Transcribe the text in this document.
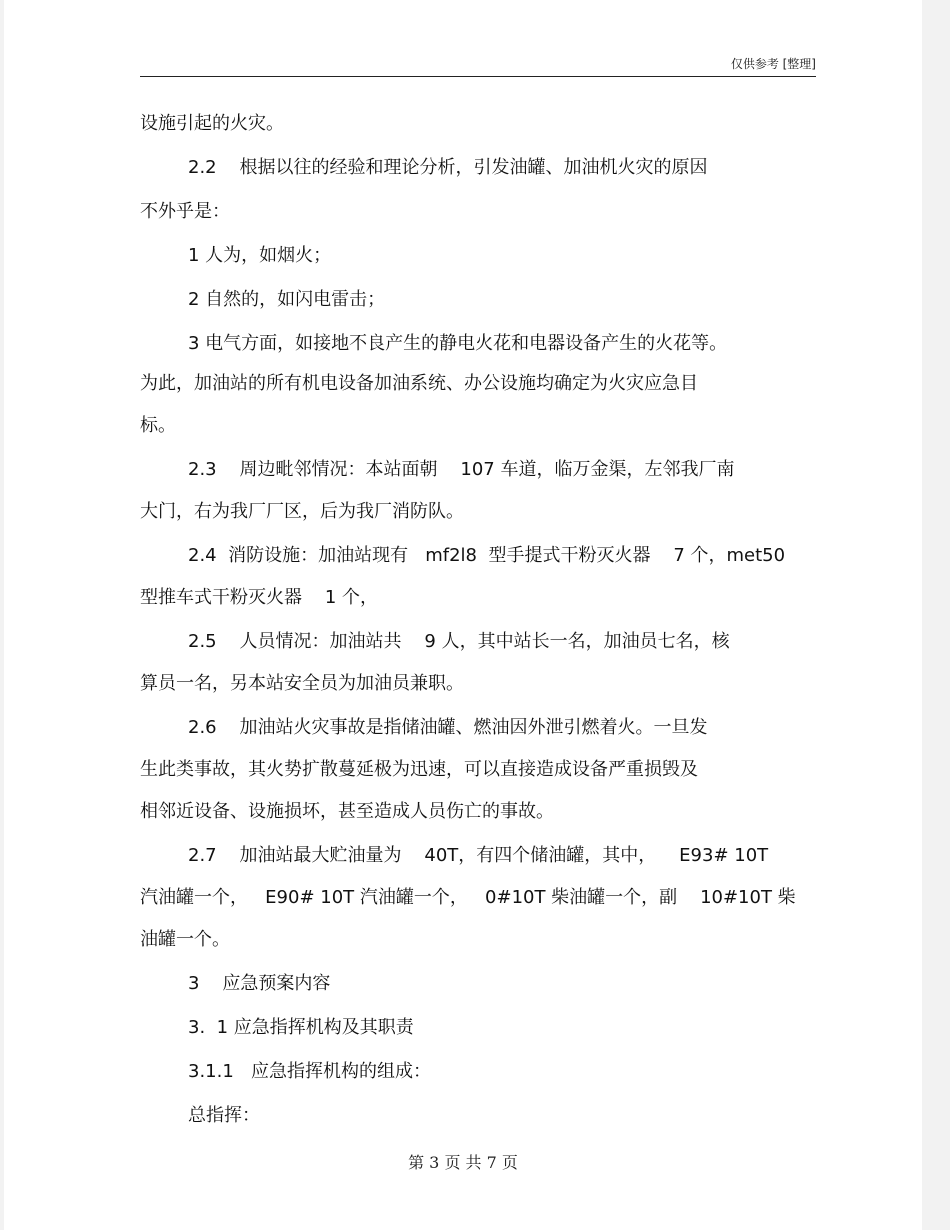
仅供参考 [整理]
设施引起的火灾。
2.2    根据以往的经验和理论分析，引发油罐、加油机火灾的原因
不外乎是：
1 人为，如烟火；
2 自然的，如闪电雷击；
3 电气方面，如接地不良产生的静电火花和电器设备产生的火花等。
为此，加油站的所有机电设备加油系统、办公设施均确定为火灾应急目
标。
2.3    周边毗邻情况：本站面朝    107 车道，临万金渠，左邻我厂南
大门，右为我厂厂区，后为我厂消防队。
2.4  消防设施：加油站现有   mf2l8  型手提式干粉灭火器    7 个，met50
型推车式干粉灭火器    1 个，
2.5    人员情况：加油站共    9 人，其中站长一名，加油员七名，核
算员一名，另本站安全员为加油员兼职。
2.6    加油站火灾事故是指储油罐、燃油因外泄引燃着火。一旦发
生此类事故，其火势扩散蔓延极为迅速，可以直接造成设备严重损毁及
相邻近设备、设施损坏，甚至造成人员伤亡的事故。
2.7    加油站最大贮油量为    40T，有四个储油罐，其中，    E93# 10T
汽油罐一个，   E90# 10T 汽油罐一个，   0#10T 柴油罐一个，副    10#10T 柴
油罐一个。
3    应急预案内容
3.  1 应急指挥机构及其职责
3.1.1   应急指挥机构的组成：
总指挥：
第 3 页 共 7 页
